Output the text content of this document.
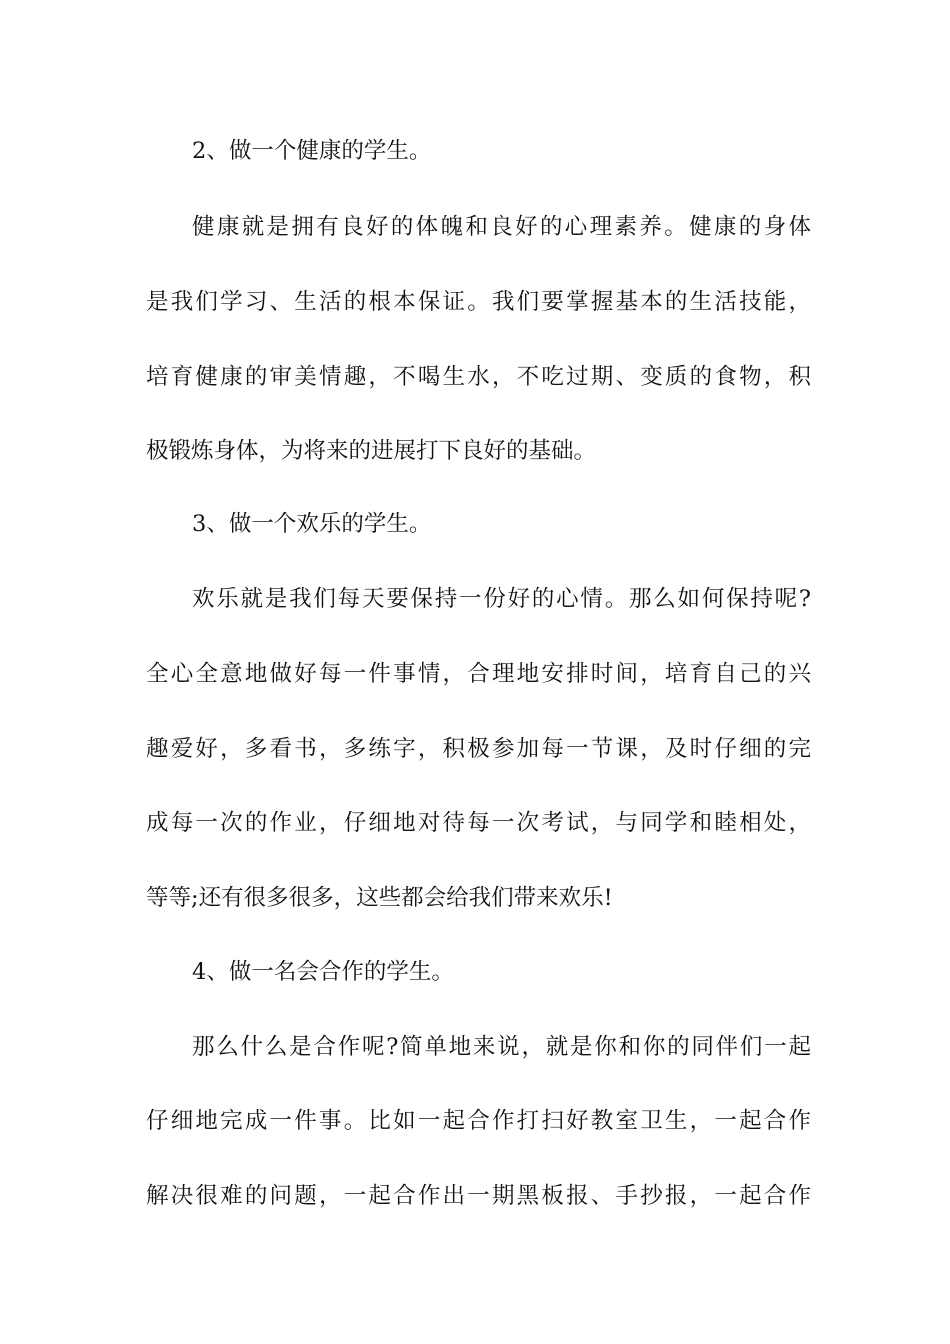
2、做一个健康的学生。
健康就是拥有良好的体魄和良好的心理素养。健康的身体
是我们学习、生活的根本保证。我们要掌握基本的生活技能，
培育健康的审美情趣，不喝生水，不吃过期、变质的食物，积
极锻炼身体，为将来的进展打下良好的基础。
3、做一个欢乐的学生。
欢乐就是我们每天要保持一份好的心情。那么如何保持呢?
全心全意地做好每一件事情，合理地安排时间，培育自己的兴
趣爱好，多看书，多练字，积极参加每一节课，及时仔细的完
成每一次的作业，仔细地对待每一次考试，与同学和睦相处，
等等;还有很多很多，这些都会给我们带来欢乐!
4、做一名会合作的学生。
那么什么是合作呢?简单地来说，就是你和你的同伴们一起
仔细地完成一件事。比如一起合作打扫好教室卫生，一起合作
解决很难的问题，一起合作出一期黑板报、手抄报，一起合作
